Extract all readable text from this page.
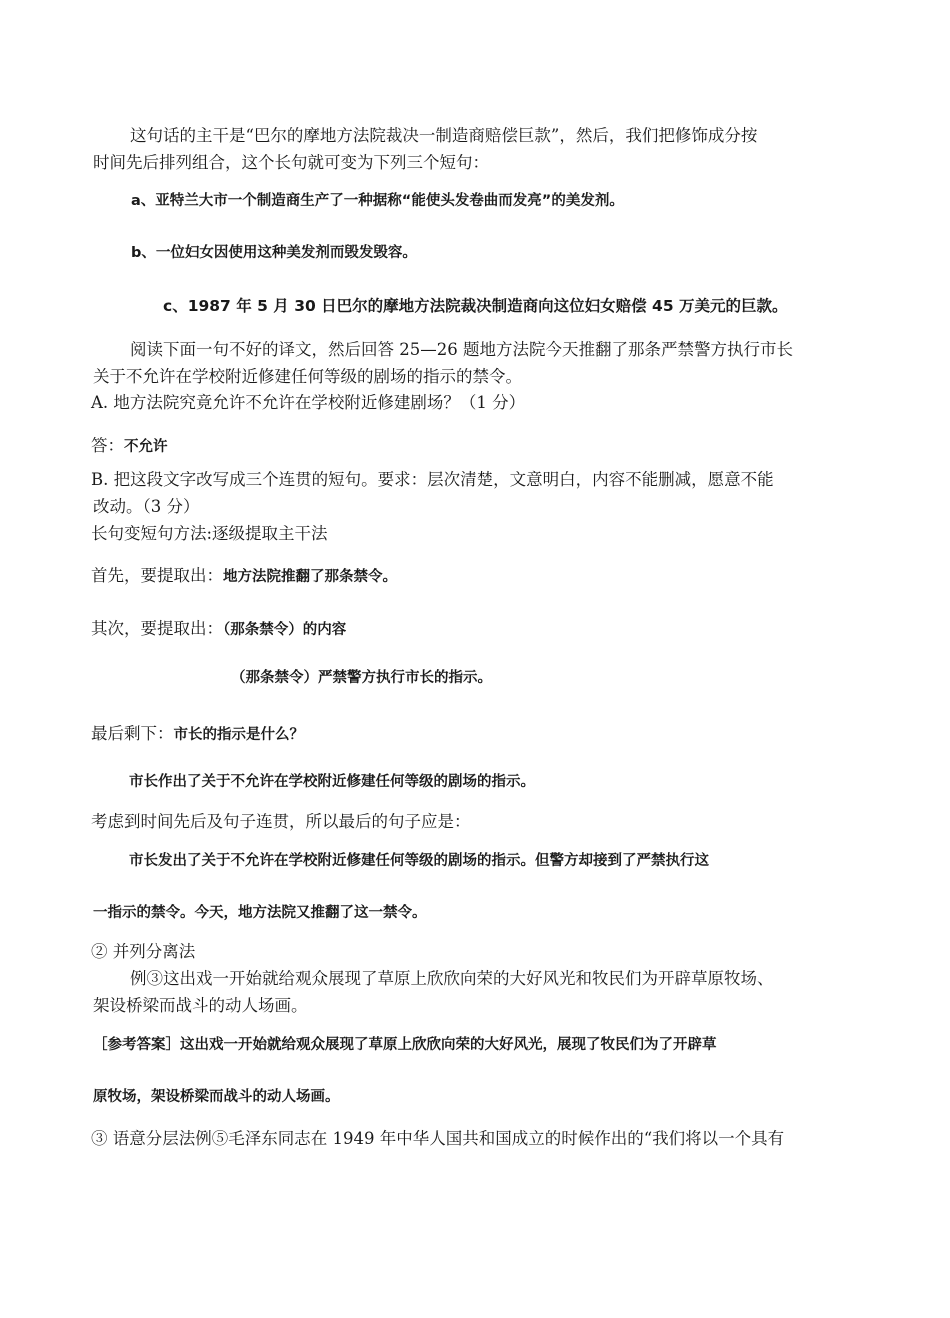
这句话的主干是“巴尔的摩地方法院裁决一制造商赔偿巨款”，然后，我们把修饰成分按

时间先后排列组合，这个长句就可变为下列三个短句：

a、亚特兰大市一个制造商生产了一种据称“能使头发卷曲而发亮”的美发剂。

b、一位妇女因使用这种美发剂而毁发毁容。

c、1987 年 5 月 30 日巴尔的摩地方法院裁决制造商向这位妇女赔偿 45 万美元的巨款。

阅读下面一句不好的译文，然后回答 25—26 题地方法院今天推翻了那条严禁警方执行市长

关于不允许在学校附近修建任何等级的剧场的指示的禁令。

A. 地方法院究竟允许不允许在学校附近修建剧场？（1 分）

答：不允许

B. 把这段文字改写成三个连贯的短句。要求：层次清楚，文意明白，内容不能删减，愿意不能

改动。（3 分）

长句变短句方法:逐级提取主干法

首先，要提取出：地方法院推翻了那条禁令。

其次，要提取出：（那条禁令）的内容

（那条禁令）严禁警方执行市长的指示。

最后剩下：市长的指示是什么？

市长作出了关于不允许在学校附近修建任何等级的剧场的指示。

考虑到时间先后及句子连贯，所以最后的句子应是：

市长发出了关于不允许在学校附近修建任何等级的剧场的指示。但警方却接到了严禁执行这

一指示的禁令。今天，地方法院又推翻了这一禁令。

② 并列分离法

例③这出戏一开始就给观众展现了草原上欣欣向荣的大好风光和牧民们为开辟草原牧场、

架设桥梁而战斗的动人场画。

［参考答案］这出戏一开始就给观众展现了草原上欣欣向荣的大好风光，展现了牧民们为了开辟草

原牧场，架设桥梁而战斗的动人场画。

③ 语意分层法例⑤毛泽东同志在 1949 年中华人国共和国成立的时候作出的“我们将以一个具有
